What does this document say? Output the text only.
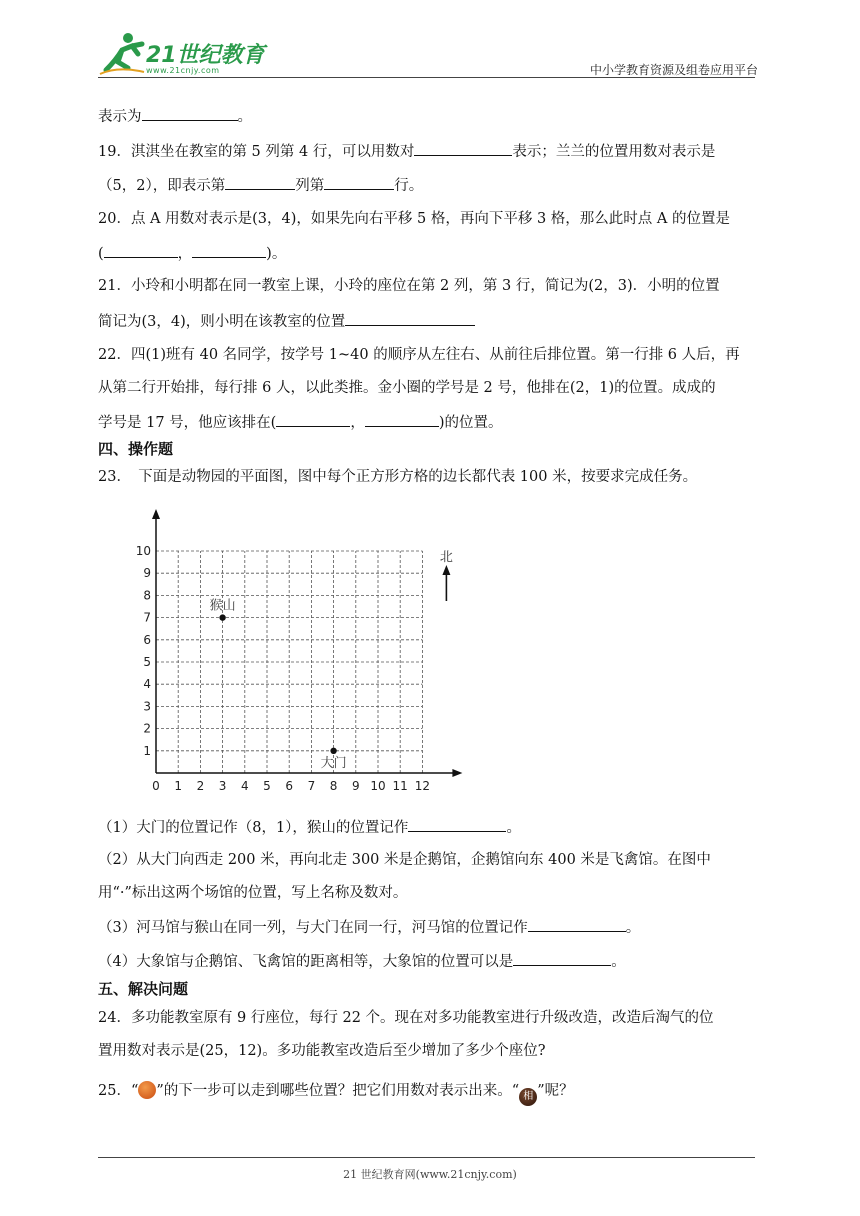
21世纪教育
www.21cnjy.com	中小学教育资源及组卷应用平台
表示为	。
19．淇淇坐在教室的第 5 列第 4 行，可以用数对	表示；兰兰的位置用数对表示是
（5，2），即表示第	列第	行。
20．点 A 用数对表示是(3，4)，如果先向右平移 5 格，再向下平移 3 格，那么此时点 A 的位置是
(	，	)。
21．小玲和小明都在同一教室上课，小玲的座位在第 2 列，第 3 行，简记为(2，3)．小明的位置
简记为(3，4)，则小明在该教室的位置
22．四(1)班有 40 名同学，按学号 1~40 的顺序从左往右、从前往后排位置。第一行排 6 人后，再
从第二行开始排，每行排 6 人，以此类推。金小圈的学号是 2 号，他排在(2，1)的位置。成成的
学号是 17 号，他应该排在(	，	)的位置。
四、操作题
23．　下面是动物园的平面图，图中每个正方形方格的边长都代表 100 米，按要求完成任务。
0 1 2 3 4 5 6 7 8 9 10 11 12
1
2
3
4
5
6
7
8
9
10
猴山
大门
北
（1）大门的位置记作（8，1），猴山的位置记作	。
（2）从大门向西走 200 米，再向北走 300 米是企鹅馆，企鹅馆向东 400 米是飞禽馆。在图中
用“·”标出这两个场馆的位置，写上名称及数对。
（3）河马馆与猴山在同一列，与大门在同一行，河马馆的位置记作	。
（4）大象馆与企鹅馆、飞禽馆的距离相等，大象馆的位置可以是	。
五、解决问题
24．多功能教室原有 9 行座位，每行 22 个。现在对多功能教室进行升级改造，改造后淘气的位
置用数对表示是(25，12)。多功能教室改造后至少增加了多少个座位?
25．“ ”的下一步可以走到哪些位置？把它们用数对表示出来。“ 相 ”呢？
21 世纪教育网(www.21cnjy.com)
